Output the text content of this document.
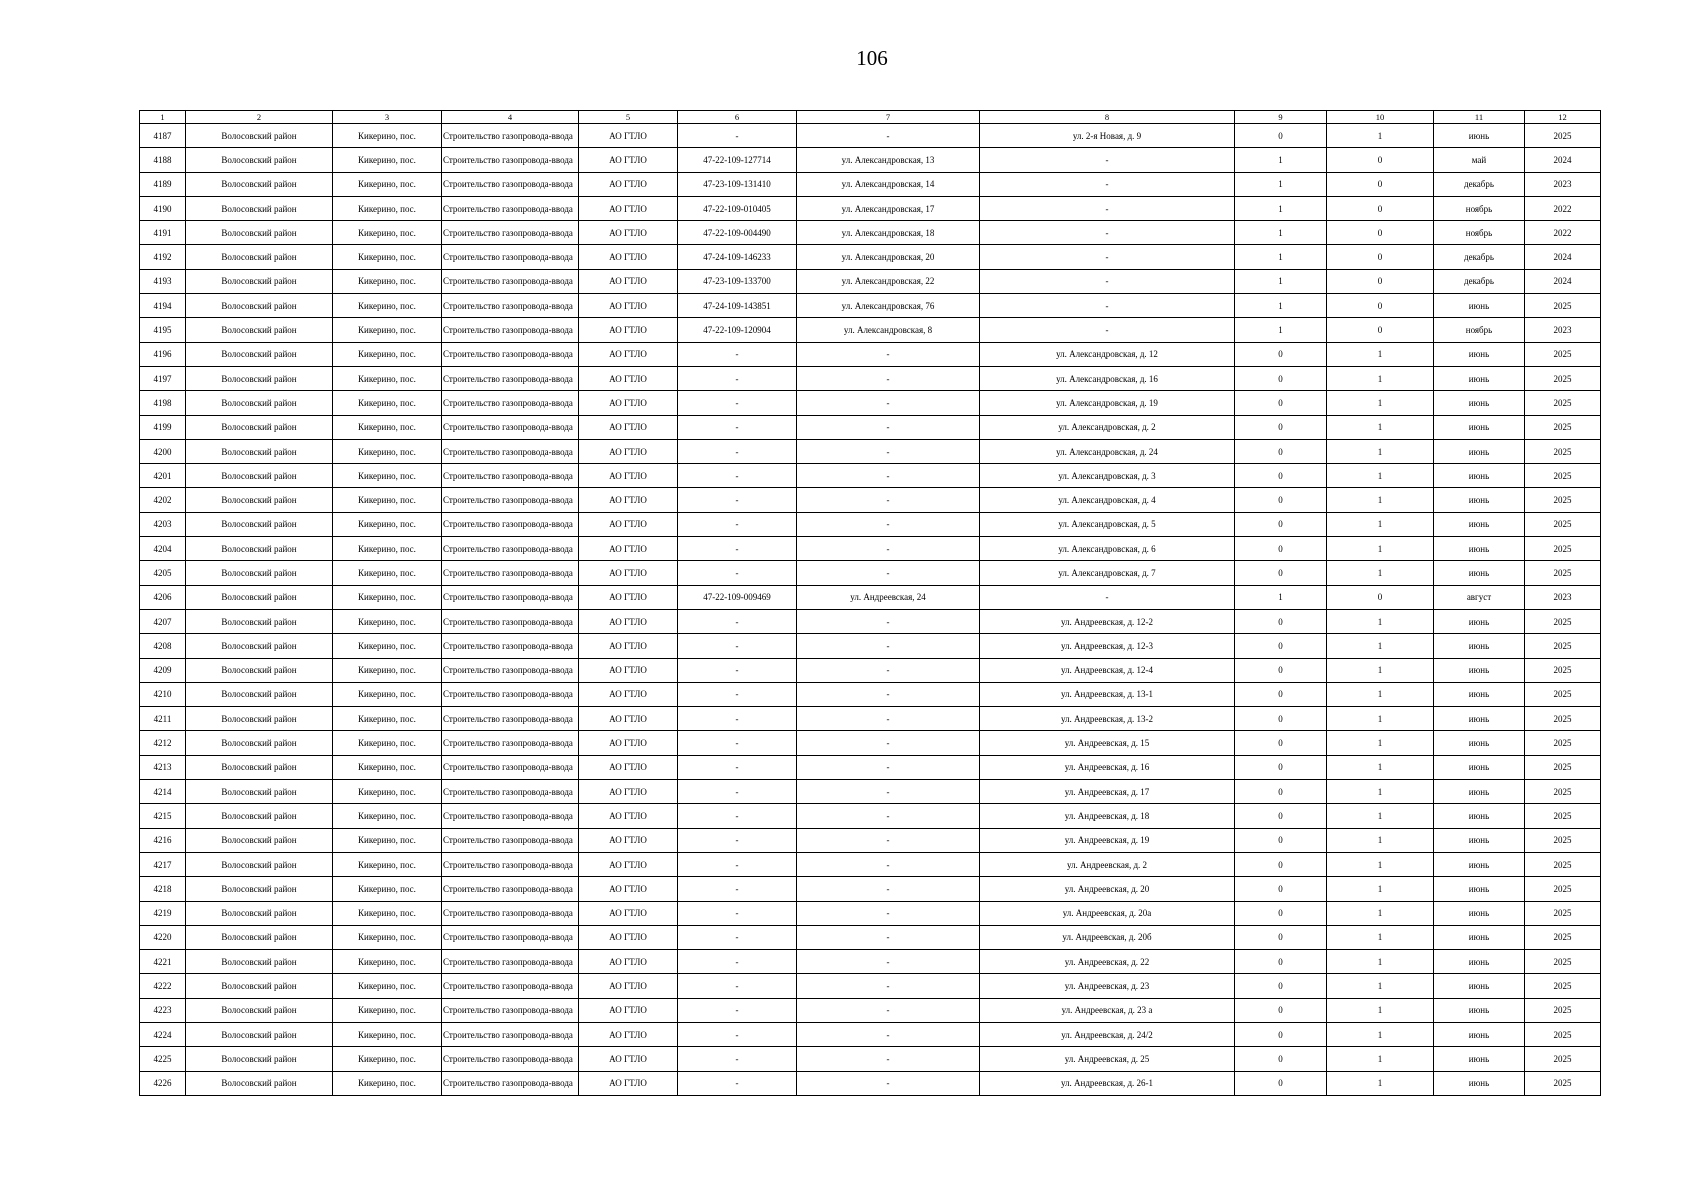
106
1	2	3	4	5	6	7	8	9	10	11	12
4187	Волосовский район	Кикерино, пос.	Строительство газопровода-ввода	АО ГТЛО	-	-	ул. 2-я Новая, д. 9	0	1	июнь	2025
4188	Волосовский район	Кикерино, пос.	Строительство газопровода-ввода	АО ГТЛО	47-22-109-127714	ул. Александровская, 13	-	1	0	май	2024
4189	Волосовский район	Кикерино, пос.	Строительство газопровода-ввода	АО ГТЛО	47-23-109-131410	ул. Александровская, 14	-	1	0	декабрь	2023
4190	Волосовский район	Кикерино, пос.	Строительство газопровода-ввода	АО ГТЛО	47-22-109-010405	ул. Александровская, 17	-	1	0	ноябрь	2022
4191	Волосовский район	Кикерино, пос.	Строительство газопровода-ввода	АО ГТЛО	47-22-109-004490	ул. Александровская, 18	-	1	0	ноябрь	2022
4192	Волосовский район	Кикерино, пос.	Строительство газопровода-ввода	АО ГТЛО	47-24-109-146233	ул. Александровская, 20	-	1	0	декабрь	2024
4193	Волосовский район	Кикерино, пос.	Строительство газопровода-ввода	АО ГТЛО	47-23-109-133700	ул. Александровская, 22	-	1	0	декабрь	2024
4194	Волосовский район	Кикерино, пос.	Строительство газопровода-ввода	АО ГТЛО	47-24-109-143851	ул. Александровская, 76	-	1	0	июнь	2025
4195	Волосовский район	Кикерино, пос.	Строительство газопровода-ввода	АО ГТЛО	47-22-109-120904	ул. Александровская, 8	-	1	0	ноябрь	2023
4196	Волосовский район	Кикерино, пос.	Строительство газопровода-ввода	АО ГТЛО	-	-	ул. Александровская, д. 12	0	1	июнь	2025
4197	Волосовский район	Кикерино, пос.	Строительство газопровода-ввода	АО ГТЛО	-	-	ул. Александровская, д. 16	0	1	июнь	2025
4198	Волосовский район	Кикерино, пос.	Строительство газопровода-ввода	АО ГТЛО	-	-	ул. Александровская, д. 19	0	1	июнь	2025
4199	Волосовский район	Кикерино, пос.	Строительство газопровода-ввода	АО ГТЛО	-	-	ул. Александровская, д. 2	0	1	июнь	2025
4200	Волосовский район	Кикерино, пос.	Строительство газопровода-ввода	АО ГТЛО	-	-	ул. Александровская, д. 24	0	1	июнь	2025
4201	Волосовский район	Кикерино, пос.	Строительство газопровода-ввода	АО ГТЛО	-	-	ул. Александровская, д. 3	0	1	июнь	2025
4202	Волосовский район	Кикерино, пос.	Строительство газопровода-ввода	АО ГТЛО	-	-	ул. Александровская, д. 4	0	1	июнь	2025
4203	Волосовский район	Кикерино, пос.	Строительство газопровода-ввода	АО ГТЛО	-	-	ул. Александровская, д. 5	0	1	июнь	2025
4204	Волосовский район	Кикерино, пос.	Строительство газопровода-ввода	АО ГТЛО	-	-	ул. Александровская, д. 6	0	1	июнь	2025
4205	Волосовский район	Кикерино, пос.	Строительство газопровода-ввода	АО ГТЛО	-	-	ул. Александровская, д. 7	0	1	июнь	2025
4206	Волосовский район	Кикерино, пос.	Строительство газопровода-ввода	АО ГТЛО	47-22-109-009469	ул. Андреевская, 24	-	1	0	август	2023
4207	Волосовский район	Кикерино, пос.	Строительство газопровода-ввода	АО ГТЛО	-	-	ул. Андреевская, д. 12-2	0	1	июнь	2025
4208	Волосовский район	Кикерино, пос.	Строительство газопровода-ввода	АО ГТЛО	-	-	ул. Андреевская, д. 12-3	0	1	июнь	2025
4209	Волосовский район	Кикерино, пос.	Строительство газопровода-ввода	АО ГТЛО	-	-	ул. Андреевская, д. 12-4	0	1	июнь	2025
4210	Волосовский район	Кикерино, пос.	Строительство газопровода-ввода	АО ГТЛО	-	-	ул. Андреевская, д. 13-1	0	1	июнь	2025
4211	Волосовский район	Кикерино, пос.	Строительство газопровода-ввода	АО ГТЛО	-	-	ул. Андреевская, д. 13-2	0	1	июнь	2025
4212	Волосовский район	Кикерино, пос.	Строительство газопровода-ввода	АО ГТЛО	-	-	ул. Андреевская, д. 15	0	1	июнь	2025
4213	Волосовский район	Кикерино, пос.	Строительство газопровода-ввода	АО ГТЛО	-	-	ул. Андреевская, д. 16	0	1	июнь	2025
4214	Волосовский район	Кикерино, пос.	Строительство газопровода-ввода	АО ГТЛО	-	-	ул. Андреевская, д. 17	0	1	июнь	2025
4215	Волосовский район	Кикерино, пос.	Строительство газопровода-ввода	АО ГТЛО	-	-	ул. Андреевская, д. 18	0	1	июнь	2025
4216	Волосовский район	Кикерино, пос.	Строительство газопровода-ввода	АО ГТЛО	-	-	ул. Андреевская, д. 19	0	1	июнь	2025
4217	Волосовский район	Кикерино, пос.	Строительство газопровода-ввода	АО ГТЛО	-	-	ул. Андреевская, д. 2	0	1	июнь	2025
4218	Волосовский район	Кикерино, пос.	Строительство газопровода-ввода	АО ГТЛО	-	-	ул. Андреевская, д. 20	0	1	июнь	2025
4219	Волосовский район	Кикерино, пос.	Строительство газопровода-ввода	АО ГТЛО	-	-	ул. Андреевская, д. 20а	0	1	июнь	2025
4220	Волосовский район	Кикерино, пос.	Строительство газопровода-ввода	АО ГТЛО	-	-	ул. Андреевская, д. 20б	0	1	июнь	2025
4221	Волосовский район	Кикерино, пос.	Строительство газопровода-ввода	АО ГТЛО	-	-	ул. Андреевская, д. 22	0	1	июнь	2025
4222	Волосовский район	Кикерино, пос.	Строительство газопровода-ввода	АО ГТЛО	-	-	ул. Андреевская, д. 23	0	1	июнь	2025
4223	Волосовский район	Кикерино, пос.	Строительство газопровода-ввода	АО ГТЛО	-	-	ул. Андреевская, д. 23 а	0	1	июнь	2025
4224	Волосовский район	Кикерино, пос.	Строительство газопровода-ввода	АО ГТЛО	-	-	ул. Андреевская, д. 24/2	0	1	июнь	2025
4225	Волосовский район	Кикерино, пос.	Строительство газопровода-ввода	АО ГТЛО	-	-	ул. Андреевская, д. 25	0	1	июнь	2025
4226	Волосовский район	Кикерино, пос.	Строительство газопровода-ввода	АО ГТЛО	-	-	ул. Андреевская, д. 26-1	0	1	июнь	2025
